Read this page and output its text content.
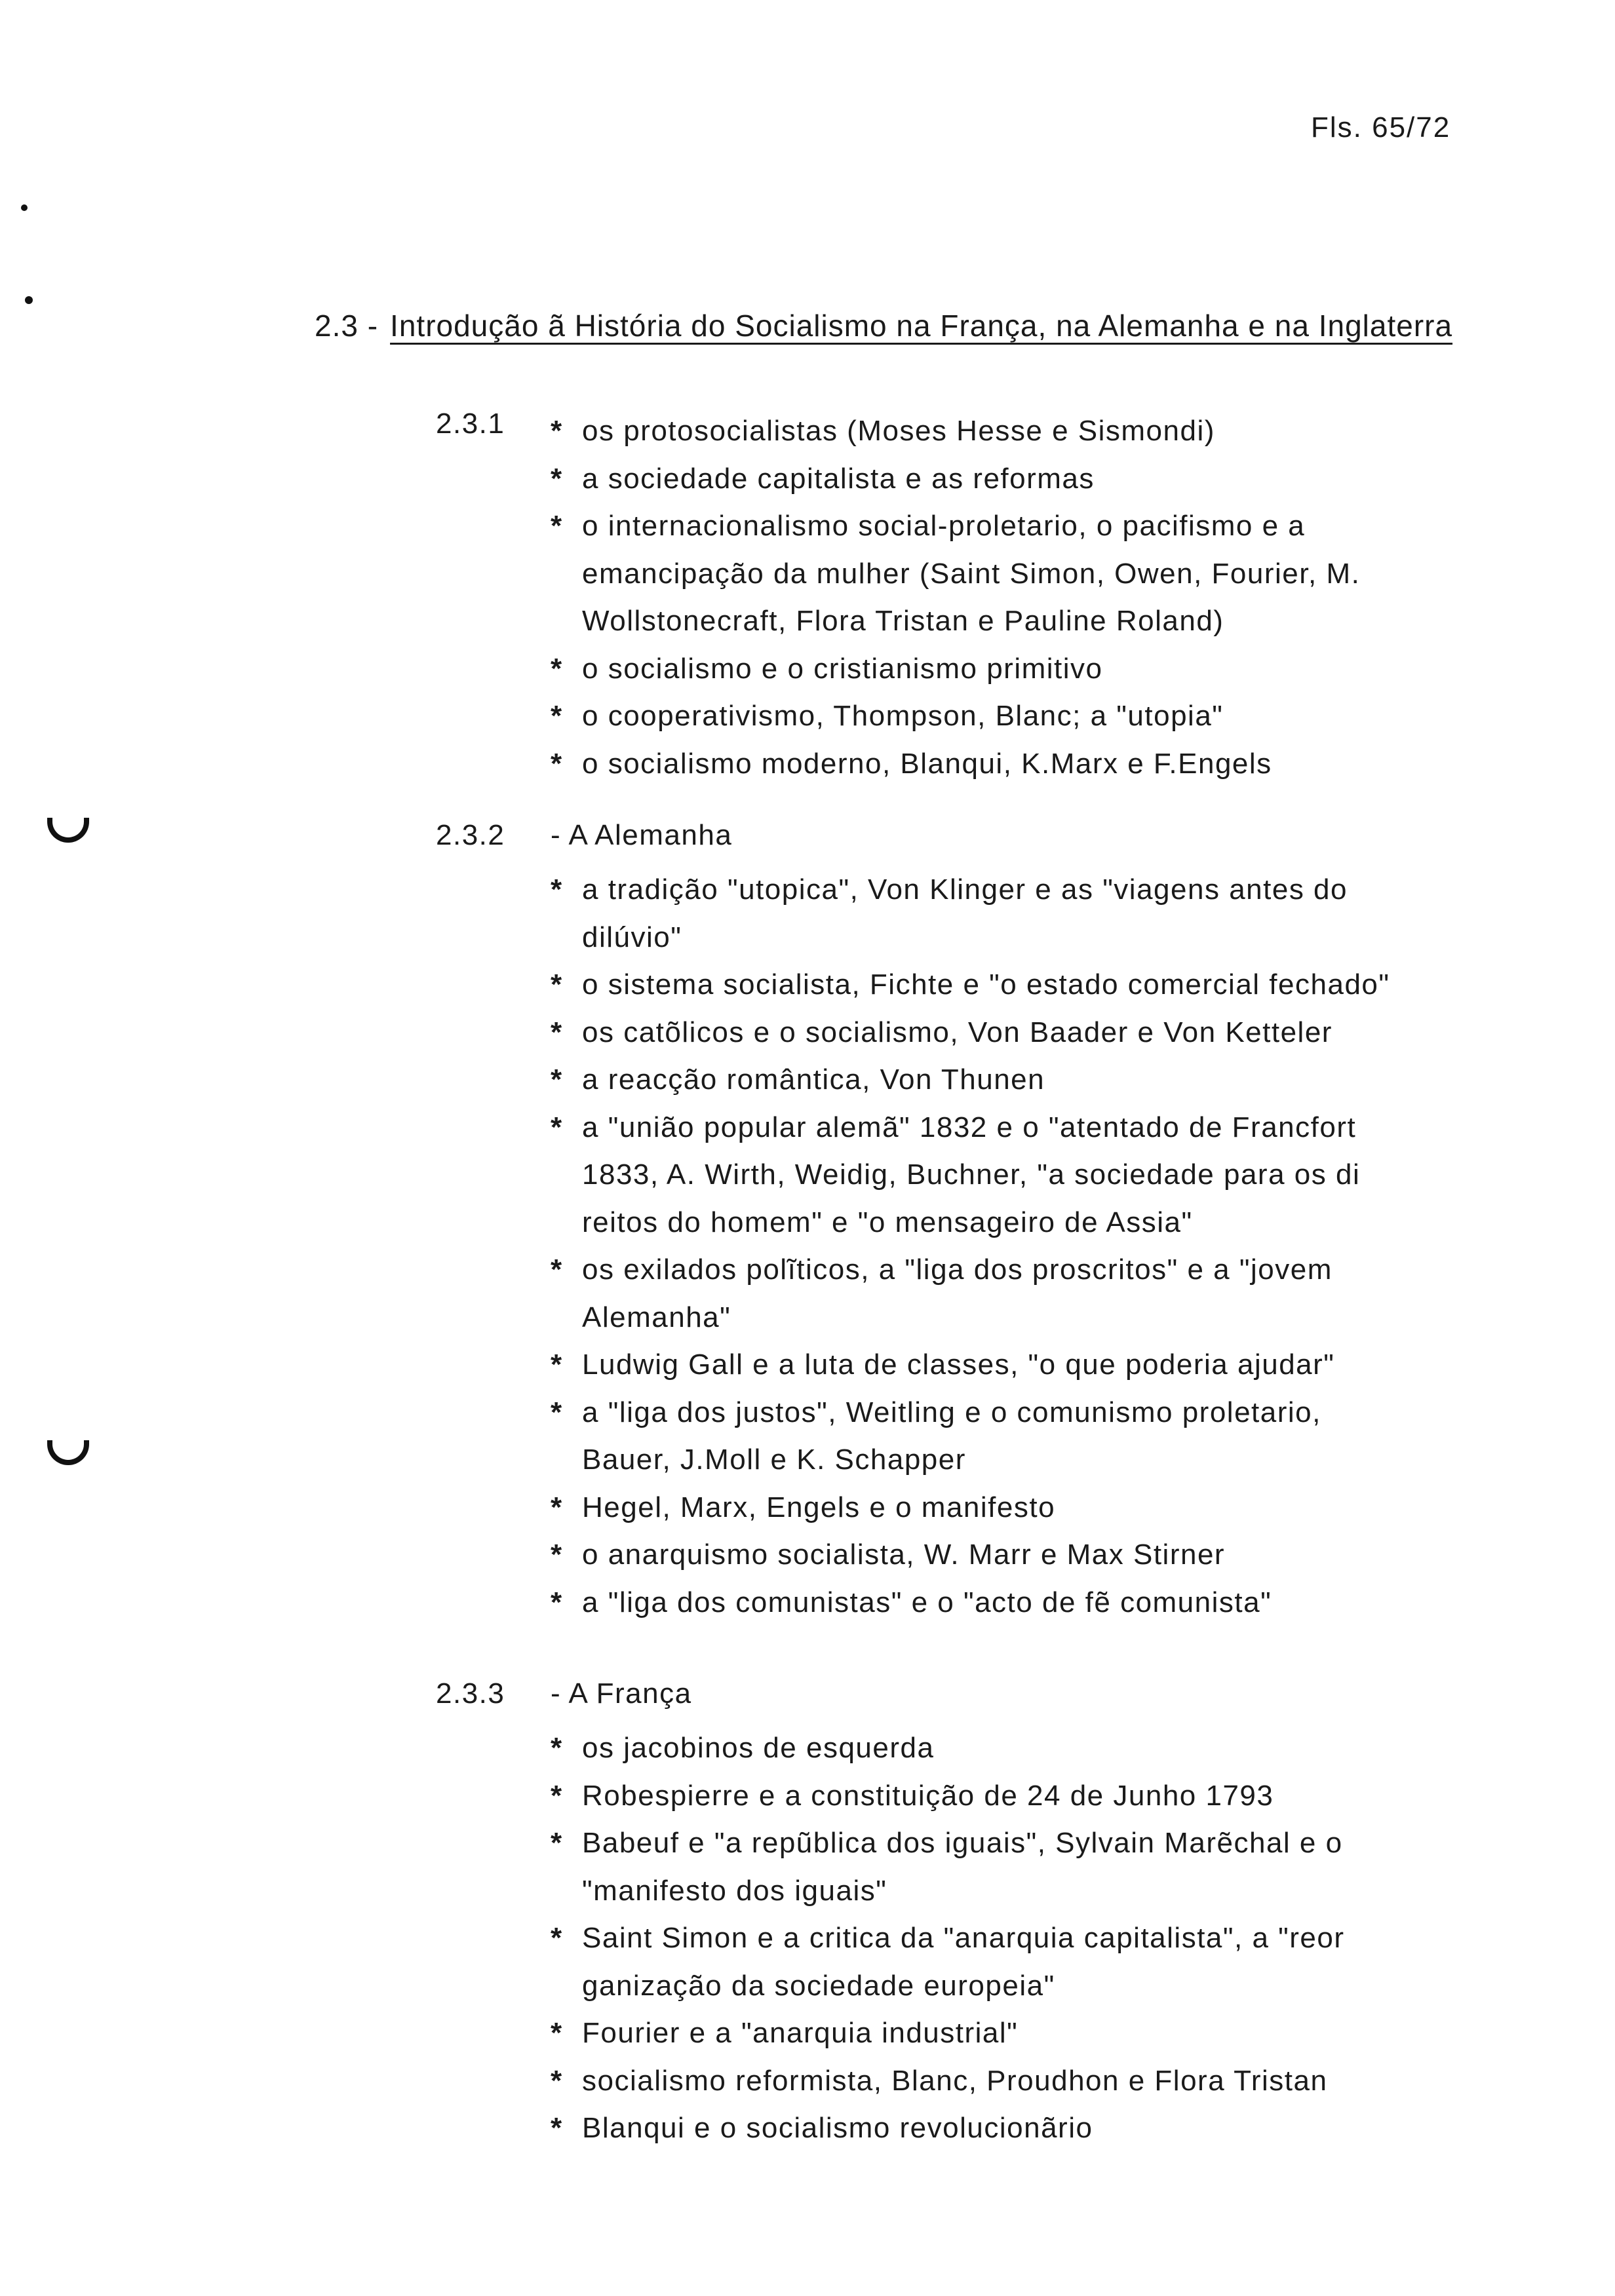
Fls. 65/72
2.3 - Introdução ã História do Socialismo na França, na Alemanha e na Inglaterra
2.3.1
*	os protosocialistas (Moses Hesse e Sismondi)
* a sociedade capitalista e as reformas
* o internacionalismo social-proletario, o pacifismo e a
emancipação da mulher (Saint Simon, Owen, Fourier, M.
Wollstonecraft, Flora Tristan e Pauline Roland)
* o socialismo e o cristianismo primitivo
* o cooperativismo, Thompson, Blanc; a "utopia"
* o socialismo moderno, Blanqui, K.Marx e F.Engels
2.3.2 - A Alemanha
* a tradição "utopica", Von Klinger e as "viagens antes do
dilúvio"
* o sistema socialista, Fichte e "o estado comercial fechado"
* os catõlicos e o socialismo, Von Baader e Von Ketteler
* a reacção romântica, Von Thunen
* a "união popular alemã" 1832 e o "atentado de Francfort
1833, A. Wirth, Weidig, Buchner, "a sociedade para os di
reitos do homem" e "o mensageiro de Assia"
* os exilados polĩticos, a "liga dos proscritos" e a "jovem
Alemanha"
* Ludwig Gall e a luta de classes, "o que poderia ajudar"
* a "liga dos justos", Weitling e o comunismo proletario,
Bauer, J.Moll e K. Schapper
* Hegel, Marx, Engels e o manifesto
* o anarquismo socialista, W. Marr e Max Stirner
* a "liga dos comunistas" e o "acto de fẽ comunista"
2.3.3 - A França
* os jacobinos de esquerda
* Robespierre e a constituição de 24 de Junho 1793
* Babeuf e "a repũblica dos iguais", Sylvain Marẽchal e o
"manifesto dos iguais"
* Saint Simon e a critica da "anarquia capitalista", a "reor
ganização da sociedade europeia"
* Fourier e a "anarquia industrial"
* socialismo reformista, Blanc, Proudhon e Flora Tristan
* Blanqui e o socialismo revolucionãrio
